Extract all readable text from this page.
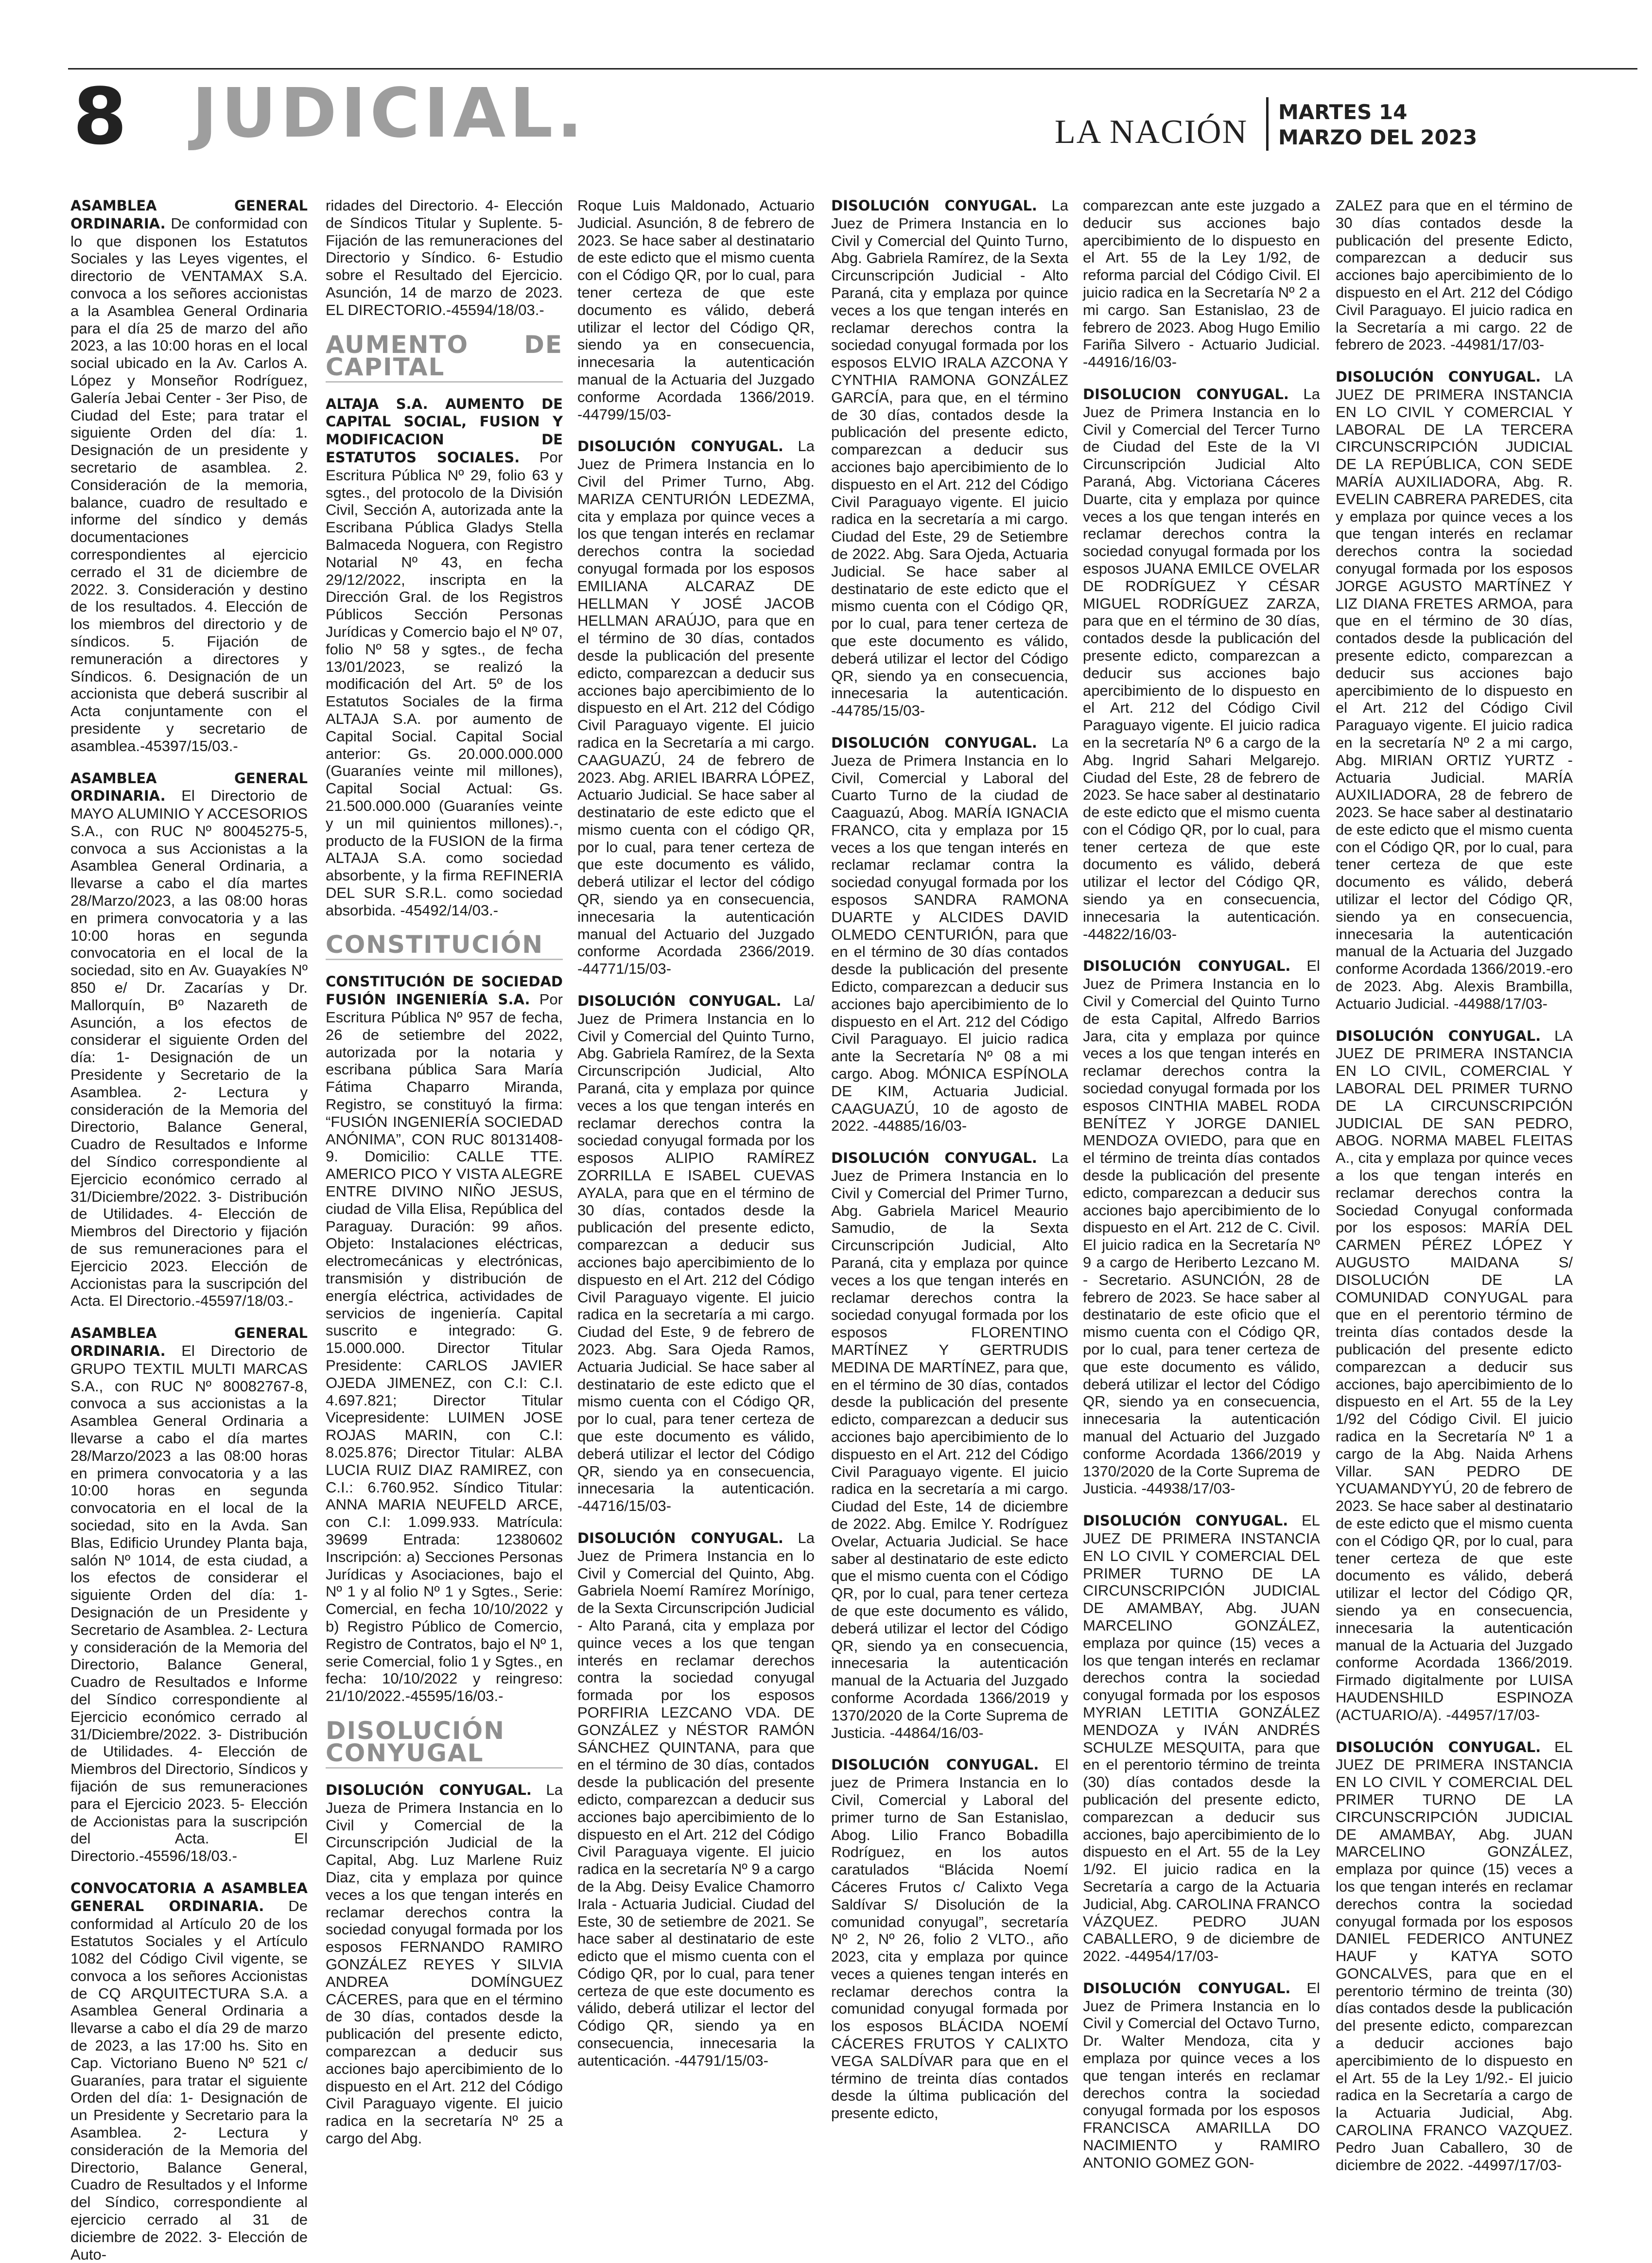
8 JUDICIAL.	LA NACIÓN
MARTES 14
MARZO DEL 2023

ASAMBLEA GENERAL ORDINARIA. De conformidad con lo que disponen los Estatutos Sociales y las Leyes vigentes, el directorio de VENTAMAX S.A. convoca a los señores accionistas a la Asamblea General Ordinaria para el día 25 de marzo del año 2023, a las 10:00 horas en el local social ubicado en la Av. Carlos A. López y Monseñor Rodríguez, Galería Jebai Center - 3er Piso, de Ciudad del Este; para tratar el siguiente Orden del día: 1. Designación de un presidente y secretario de asamblea. 2. Consideración de la memoria, balance, cuadro de resultado e informe del síndico y demás documentaciones correspondientes al ejercicio cerrado el 31 de diciembre de 2022. 3. Consideración y destino de los resultados. 4. Elección de los miembros del directorio y de síndicos. 5. Fijación de remuneración a directores y Síndicos. 6. Designación de un accionista que deberá suscribir al Acta conjuntamente con el presidente y secretario de asamblea.-45397/15/03.-

ASAMBLEA GENERAL ORDINARIA. El Directorio de MAYO ALUMINIO Y ACCESORIOS S.A., con RUC Nº 80045275-5, convoca a sus Accionistas a la Asamblea General Ordinaria, a llevarse a cabo el día martes 28/Marzo/2023, a las 08:00 horas en primera convocatoria y a las 10:00 horas en segunda convocatoria en el local de la sociedad, sito en Av. Guayakíes Nº 850 e/ Dr. Zacarías y Dr. Mallorquín, Bº Nazareth de Asunción, a los efectos de considerar el siguiente Orden del día: 1- Designación de un Presidente y Secretario de la Asamblea. 2- Lectura y consideración de la Memoria del Directorio, Balance General, Cuadro de Resultados e Informe del Síndico correspondiente al Ejercicio económico cerrado al 31/Diciembre/2022. 3- Distribución de Utilidades. 4- Elección de Miembros del Directorio y fijación de sus remuneraciones para el Ejercicio 2023. Elección de Accionistas para la suscripción del Acta. El Directorio.-45597/18/03.-

ASAMBLEA GENERAL ORDINARIA. El Directorio de GRUPO TEXTIL MULTI MARCAS S.A., con RUC Nº 80082767-8, convoca a sus accionistas a la Asamblea General Ordinaria a llevarse a cabo el día martes 28/Marzo/2023 a las 08:00 horas en primera convocatoria y a las 10:00 horas en segunda convocatoria en el local de la sociedad, sito en la Avda. San Blas, Edificio Urundey Planta baja, salón Nº 1014, de esta ciudad, a los efectos de considerar el siguiente Orden del día: 1- Designación de un Presidente y Secretario de Asamblea. 2- Lectura y consideración de la Memoria del Directorio, Balance General, Cuadro de Resultados e Informe del Síndico correspondiente al Ejercicio económico cerrado al 31/Diciembre/2022. 3- Distribución de Utilidades. 4- Elección de Miembros del Directorio, Síndicos y fijación de sus remuneraciones para el Ejercicio 2023. 5- Elección de Accionistas para la suscripción del Acta. El Directorio.-45596/18/03.-

CONVOCATORIA A ASAMBLEA GENERAL ORDINARIA. De conformidad al Artículo 20 de los Estatutos Sociales y el Artículo 1082 del Código Civil vigente, se convoca a los señores Accionistas de CQ ARQUITECTURA S.A. a Asamblea General Ordinaria a llevarse a cabo el día 29 de marzo de 2023, a las 17:00 hs. Sito en Cap. Victoriano Bueno Nº 521 c/ Guaraníes, para tratar el siguiente Orden del día: 1- Designación de un Presidente y Secretario para la Asamblea. 2- Lectura y consideración de la Memoria del Directorio, Balance General, Cuadro de Resultados y el Informe del Síndico, correspondiente al ejercicio cerrado al 31 de diciembre de 2022. 3- Elección de Auto-

ridades del Directorio. 4- Elección de Síndicos Titular y Suplente. 5- Fijación de las remuneraciones del Directorio y Síndico. 6- Estudio sobre el Resultado del Ejercicio. Asunción, 14 de marzo de 2023. EL DIRECTORIO.-45594/18/03.-

AUMENTO DE CAPITAL

ALTAJA S.A. AUMENTO DE CAPITAL SOCIAL, FUSION Y MODIFICACION DE ESTATUTOS SOCIALES. Por Escritura Pública Nº 29, folio 63 y sgtes., del protocolo de la División Civil, Sección A, autorizada ante la Escribana Pública Gladys Stella Balmaceda Noguera, con Registro Notarial Nº 43, en fecha 29/12/2022, inscripta en la Dirección Gral. de los Registros Públicos Sección Personas Jurídicas y Comercio bajo el Nº 07, folio Nº 58 y sgtes., de fecha 13/01/2023, se realizó la modificación del Art. 5º de los Estatutos Sociales de la firma ALTAJA S.A. por aumento de Capital Social. Capital Social anterior: Gs. 20.000.000.000 (Guaraníes veinte mil millones), Capital Social Actual: Gs. 21.500.000.000 (Guaraníes veinte y un mil quinientos millones).-, producto de la FUSION de la firma ALTAJA S.A. como sociedad absorbente, y la firma REFINERIA DEL SUR S.R.L. como sociedad absorbida. -45492/14/03.-

CONSTITUCIÓN

CONSTITUCIÓN DE SOCIEDAD FUSIÓN INGENIERÍA S.A. Por Escritura Pública Nº 957 de fecha, 26 de setiembre del 2022, autorizada por la notaria y escribana pública Sara María Fátima Chaparro Miranda, Registro, se constituyó la firma: “FUSIÓN INGENIERÍA SOCIEDAD ANÓNIMA”, CON RUC 80131408-9. Domicilio: CALLE TTE. AMERICO PICO Y VISTA ALEGRE ENTRE DIVINO NIÑO JESUS, ciudad de Villa Elisa, República del Paraguay. Duración: 99 años. Objeto: Instalaciones eléctricas, electromecánicas y electrónicas, transmisión y distribución de energía eléctrica, actividades de servicios de ingeniería. Capital suscrito e integrado: G. 15.000.000. Director Titular Presidente: CARLOS JAVIER OJEDA JIMENEZ, con C.I: C.I. 4.697.821; Director Titular Vicepresidente: LUIMEN JOSE ROJAS MARIN, con C.I: 8.025.876; Director Titular: ALBA LUCIA RUIZ DIAZ RAMIREZ, con C.I.: 6.760.952. Síndico Titular: ANNA MARIA NEUFELD ARCE, con C.I: 1.099.933. Matrícula: 39699 Entrada: 12380602 Inscripción: a) Secciones Personas Jurídicas y Asociaciones, bajo el Nº 1 y al folio Nº 1 y Sgtes., Serie: Comercial, en fecha 10/10/2022 y b) Registro Público de Comercio, Registro de Contratos, bajo el Nº 1, serie Comercial, folio 1 y Sgtes., en fecha: 10/10/2022 y reingreso: 21/10/2022.-45595/16/03.-

DISOLUCIÓN CONYUGAL

DISOLUCIÓN CONYUGAL. La Jueza de Primera Instancia en lo Civil y Comercial de la Circunscripción Judicial de la Capital, Abg. Luz Marlene Ruiz Diaz, cita y emplaza por quince veces a los que tengan interés en reclamar derechos contra la sociedad conyugal formada por los esposos FERNANDO RAMIRO GONZÁLEZ REYES Y SILVIA ANDREA DOMÍNGUEZ CÁCERES, para que en el término de 30 días, contados desde la publicación del presente edicto, comparezcan a deducir sus acciones bajo apercibimiento de lo dispuesto en el Art. 212 del Código Civil Paraguayo vigente. El juicio radica en la secretaría Nº 25 a cargo del Abg.

Roque Luis Maldonado, Actuario Judicial. Asunción, 8 de febrero de 2023. Se hace saber al destinatario de este edicto que el mismo cuenta con el Código QR, por lo cual, para tener certeza de que este documento es válido, deberá utilizar el lector del Código QR, siendo ya en consecuencia, innecesaria la autenticación manual de la Actuaria del Juzgado conforme Acordada 1366/2019. -44799/15/03-

DISOLUCIÓN CONYUGAL. La Juez de Primera Instancia en lo Civil del Primer Turno, Abg. MARIZA CENTURIÓN LEDEZMA, cita y emplaza por quince veces a los que tengan interés en reclamar derechos contra la sociedad conyugal formada por los esposos EMILIANA ALCARAZ DE HELLMAN Y JOSÉ JACOB HELLMAN ARAÚJO, para que en el término de 30 días, contados desde la publicación del presente edicto, comparezcan a deducir sus acciones bajo apercibimiento de lo dispuesto en el Art. 212 del Código Civil Paraguayo vigente. El juicio radica en la Secretaría a mi cargo. CAAGUAZÚ, 24 de febrero de 2023. Abg. ARIEL IBARRA LÓPEZ, Actuario Judicial. Se hace saber al destinatario de este edicto que el mismo cuenta con el código QR, por lo cual, para tener certeza de que este documento es válido, deberá utilizar el lector del código QR, siendo ya en consecuencia, innecesaria la autenticación manual del Actuario del Juzgado conforme Acordada 2366/2019. -44771/15/03-

DISOLUCIÓN CONYUGAL. La/ Juez de Primera Instancia en lo Civil y Comercial del Quinto Turno, Abg. Gabriela Ramírez, de la Sexta Circunscripción Judicial, Alto Paraná, cita y emplaza por quince veces a los que tengan interés en reclamar derechos contra la sociedad conyugal formada por los esposos ALIPIO RAMÍREZ ZORRILLA E ISABEL CUEVAS AYALA, para que en el término de 30 días, contados desde la publicación del presente edicto, comparezcan a deducir sus acciones bajo apercibimiento de lo dispuesto en el Art. 212 del Código Civil Paraguayo vigente. El juicio radica en la secretaría a mi cargo. Ciudad del Este, 9 de febrero de 2023. Abg. Sara Ojeda Ramos, Actuaria Judicial. Se hace saber al destinatario de este edicto que el mismo cuenta con el Código QR, por lo cual, para tener certeza de que este documento es válido, deberá utilizar el lector del Código QR, siendo ya en consecuencia, innecesaria la autenticación. -44716/15/03-

DISOLUCIÓN CONYUGAL. La Juez de Primera Instancia en lo Civil y Comercial del Quinto, Abg. Gabriela Noemí Ramírez Morínigo, de la Sexta Circunscripción Judicial - Alto Paraná, cita y emplaza por quince veces a los que tengan interés en reclamar derechos contra la sociedad conyugal formada por los esposos PORFIRIA LEZCANO VDA. DE GONZÁLEZ y NÉSTOR RAMÓN SÁNCHEZ QUINTANA, para que en el término de 30 días, contados desde la publicación del presente edicto, comparezcan a deducir sus acciones bajo apercibimiento de lo dispuesto en el Art. 212 del Código Civil Paraguaya vigente. El juicio radica en la secretaría Nº 9 a cargo de la Abg. Deisy Evalice Chamorro Irala - Actuaria Judicial. Ciudad del Este, 30 de setiembre de 2021. Se hace saber al destinatario de este edicto que el mismo cuenta con el Código QR, por lo cual, para tener certeza de que este documento es válido, deberá utilizar el lector del Código QR, siendo ya en consecuencia, innecesaria la autenticación. -44791/15/03-

DISOLUCIÓN CONYUGAL. La Juez de Primera Instancia en lo Civil y Comercial del Quinto Turno, Abg. Gabriela Ramírez, de la Sexta Circunscripción Judicial - Alto Paraná, cita y emplaza por quince veces a los que tengan interés en reclamar derechos contra la sociedad conyugal formada por los esposos ELVIO IRALA AZCONA Y CYNTHIA RAMONA GONZÁLEZ GARCÍA, para que, en el término de 30 días, contados desde la publicación del presente edicto, comparezcan a deducir sus acciones bajo apercibimiento de lo dispuesto en el Art. 212 del Código Civil Paraguayo vigente. El juicio radica en la secretaría a mi cargo. Ciudad del Este, 29 de Setiembre de 2022. Abg. Sara Ojeda, Actuaria Judicial. Se hace saber al destinatario de este edicto que el mismo cuenta con el Código QR, por lo cual, para tener certeza de que este documento es válido, deberá utilizar el lector del Código QR, siendo ya en consecuencia, innecesaria la autenticación. -44785/15/03-

DISOLUCIÓN CONYUGAL. La Jueza de Primera Instancia en lo Civil, Comercial y Laboral del Cuarto Turno de la ciudad de Caaguazú, Abog. MARÍA IGNACIA FRANCO, cita y emplaza por 15 veces a los que tengan interés en reclamar reclamar contra la sociedad conyugal formada por los esposos SANDRA RAMONA DUARTE y ALCIDES DAVID OLMEDO CENTURIÓN, para que en el término de 30 días contados desde la publicación del presente Edicto, comparezcan a deducir sus acciones bajo apercibimiento de lo dispuesto en el Art. 212 del Código Civil Paraguayo. El juicio radica ante la Secretaría Nº 08 a mi cargo. Abog. MÓNICA ESPÍNOLA DE KIM, Actuaria Judicial. CAAGUAZÚ, 10 de agosto de 2022. -44885/16/03-

DISOLUCIÓN CONYUGAL. La Juez de Primera Instancia en lo Civil y Comercial del Primer Turno, Abg. Gabriela Maricel Meaurio Samudio, de la Sexta Circunscripción Judicial, Alto Paraná, cita y emplaza por quince veces a los que tengan interés en reclamar derechos contra la sociedad conyugal formada por los esposos FLORENTINO MARTÍNEZ Y GERTRUDIS MEDINA DE MARTÍNEZ, para que, en el término de 30 días, contados desde la publicación del presente edicto, comparezcan a deducir sus acciones bajo apercibimiento de lo dispuesto en el Art. 212 del Código Civil Paraguayo vigente. El juicio radica en la secretaría a mi cargo. Ciudad del Este, 14 de diciembre de 2022. Abg. Emilce Y. Rodríguez Ovelar, Actuaria Judicial. Se hace saber al destinatario de este edicto que el mismo cuenta con el Código QR, por lo cual, para tener certeza de que este documento es válido, deberá utilizar el lector del Código QR, siendo ya en consecuencia, innecesaria la autenticación manual de la Actuaria del Juzgado conforme Acordada 1366/2019 y 1370/2020 de la Corte Suprema de Justicia. -44864/16/03-

DISOLUCIÓN CONYUGAL. El juez de Primera Instancia en lo Civil, Comercial y Laboral del primer turno de San Estanislao, Abog. Lilio Franco Bobadilla Rodríguez, en los autos caratulados “Blácida Noemí Cáceres Frutos c/ Calixto Vega Saldívar S/ Disolución de la comunidad conyugal”, secretaría Nº 2, Nº 26, folio 2 VLTO., año 2023, cita y emplaza por quince veces a quienes tengan interés en reclamar derechos contra la comunidad conyugal formada por los esposos BLÁCIDA NOEMÍ CÁCERES FRUTOS Y CALIXTO VEGA SALDÍVAR para que en el término de treinta días contados desde la última publicación del presente edicto,

comparezcan ante este juzgado a deducir sus acciones bajo apercibimiento de lo dispuesto en el Art. 55 de la Ley 1/92, de reforma parcial del Código Civil. El juicio radica en la Secretaría Nº 2 a mi cargo. San Estanislao, 23 de febrero de 2023. Abog Hugo Emilio Fariña Silvero - Actuario Judicial. -44916/16/03-

DISOLUCION CONYUGAL. La Juez de Primera Instancia en lo Civil y Comercial del Tercer Turno de Ciudad del Este de la VI Circunscripción Judicial Alto Paraná, Abg. Victoriana Cáceres Duarte, cita y emplaza por quince veces a los que tengan interés en reclamar derechos contra la sociedad conyugal formada por los esposos JUANA EMILCE OVELAR DE RODRÍGUEZ Y CÉSAR MIGUEL RODRÍGUEZ ZARZA, para que en el término de 30 días, contados desde la publicación del presente edicto, comparezcan a deducir sus acciones bajo apercibimiento de lo dispuesto en el Art. 212 del Código Civil Paraguayo vigente. El juicio radica en la secretaría Nº 6 a cargo de la Abg. Ingrid Sahari Melgarejo. Ciudad del Este, 28 de febrero de 2023. Se hace saber al destinatario de este edicto que el mismo cuenta con el Código QR, por lo cual, para tener certeza de que este documento es válido, deberá utilizar el lector del Código QR, siendo ya en consecuencia, innecesaria la autenticación. -44822/16/03-

DISOLUCIÓN CONYUGAL. El Juez de Primera Instancia en lo Civil y Comercial del Quinto Turno de esta Capital, Alfredo Barrios Jara, cita y emplaza por quince veces a los que tengan interés en reclamar derechos contra la sociedad conyugal formada por los esposos CINTHIA MABEL RODA BENÍTEZ Y JORGE DANIEL MENDOZA OVIEDO, para que en el término de treinta días contados desde la publicación del presente edicto, comparezcan a deducir sus acciones bajo apercibimiento de lo dispuesto en el Art. 212 de C. Civil. El juicio radica en la Secretaría Nº 9 a cargo de Heriberto Lezcano M. - Secretario. ASUNCIÓN, 28 de febrero de 2023. Se hace saber al destinatario de este oficio que el mismo cuenta con el Código QR, por lo cual, para tener certeza de que este documento es válido, deberá utilizar el lector del Código QR, siendo ya en consecuencia, innecesaria la autenticación manual del Actuario del Juzgado conforme Acordada 1366/2019 y 1370/2020 de la Corte Suprema de Justicia. -44938/17/03-

DISOLUCIÓN CONYUGAL. EL JUEZ DE PRIMERA INSTANCIA EN LO CIVIL Y COMERCIAL DEL PRIMER TURNO DE LA CIRCUNSCRIPCIÓN JUDICIAL DE AMAMBAY, Abg. JUAN MARCELINO GONZÁLEZ, emplaza por quince (15) veces a los que tengan interés en reclamar derechos contra la sociedad conyugal formada por los esposos MYRIAN LETITIA GONZÁLEZ MENDOZA y IVÁN ANDRÉS SCHULZE MESQUITA, para que en el perentorio término de treinta (30) días contados desde la publicación del presente edicto, comparezcan a deducir sus acciones, bajo apercibimiento de lo dispuesto en el Art. 55 de la Ley 1/92. El juicio radica en la Secretaría a cargo de la Actuaria Judicial, Abg. CAROLINA FRANCO VÁZQUEZ. PEDRO JUAN CABALLERO, 9 de diciembre de 2022. -44954/17/03-

DISOLUCIÓN CONYUGAL. El Juez de Primera Instancia en lo Civil y Comercial del Octavo Turno, Dr. Walter Mendoza, cita y emplaza por quince veces a los que tengan interés en reclamar derechos contra la sociedad conyugal formada por los esposos FRANCISCA AMARILLA DO NACIMIENTO y RAMIRO ANTONIO GOMEZ GON-

ZALEZ para que en el término de 30 días contados desde la publicación del presente Edicto, comparezcan a deducir sus acciones bajo apercibimiento de lo dispuesto en el Art. 212 del Código Civil Paraguayo. El juicio radica en la Secretaría a mi cargo. 22 de febrero de 2023. -44981/17/03-

DISOLUCIÓN CONYUGAL. LA JUEZ DE PRIMERA INSTANCIA EN LO CIVIL Y COMERCIAL Y LABORAL DE LA TERCERA CIRCUNSCRIPCIÓN JUDICIAL DE LA REPÚBLICA, CON SEDE MARÍA AUXILIADORA, Abg. R. EVELIN CABRERA PAREDES, cita y emplaza por quince veces a los que tengan interés en reclamar derechos contra la sociedad conyugal formada por los esposos JORGE AGUSTO MARTÍNEZ Y LIZ DIANA FRETES ARMOA, para que en el término de 30 días, contados desde la publicación del presente edicto, comparezcan a deducir sus acciones bajo apercibimiento de lo dispuesto en el Art. 212 del Código Civil Paraguayo vigente. El juicio radica en la secretaría Nº 2 a mi cargo, Abg. MIRIAN ORTIZ YURTZ - Actuaria Judicial. MARÍA AUXILIADORA, 28 de febrero de 2023. Se hace saber al destinatario de este edicto que el mismo cuenta con el Código QR, por lo cual, para tener certeza de que este documento es válido, deberá utilizar el lector del Código QR, siendo ya en consecuencia, innecesaria la autenticación manual de la Actuaria del Juzgado conforme Acordada 1366/2019.-ero de 2023. Abg. Alexis Brambilla, Actuario Judicial. -44988/17/03-

DISOLUCIÓN CONYUGAL. LA JUEZ DE PRIMERA INSTANCIA EN LO CIVIL, COMERCIAL Y LABORAL DEL PRIMER TURNO DE LA CIRCUNSCRIPCIÓN JUDICIAL DE SAN PEDRO, ABOG. NORMA MABEL FLEITAS A., cita y emplaza por quince veces a los que tengan interés en reclamar derechos contra la Sociedad Conyugal conformada por los esposos: MARÍA DEL CARMEN PÉREZ LÓPEZ Y AUGUSTO MAIDANA S/ DISOLUCIÓN DE LA COMUNIDAD CONYUGAL para que en el perentorio término de treinta días contados desde la publicación del presente edicto comparezcan a deducir sus acciones, bajo apercibimiento de lo dispuesto en el Art. 55 de la Ley 1/92 del Código Civil. El juicio radica en la Secretaría Nº 1 a cargo de la Abg. Naida Arhens Villar. SAN PEDRO DE YCUAMANDYYÚ, 20 de febrero de 2023. Se hace saber al destinatario de este edicto que el mismo cuenta con el Código QR, por lo cual, para tener certeza de que este documento es válido, deberá utilizar el lector del Código QR, siendo ya en consecuencia, innecesaria la autenticación manual de la Actuaria del Juzgado conforme Acordada 1366/2019. Firmado digitalmente por LUISA HAUDENSHILD ESPINOZA (ACTUARIO/A). -44957/17/03-

DISOLUCIÓN CONYUGAL. EL JUEZ DE PRIMERA INSTANCIA EN LO CIVIL Y COMERCIAL DEL PRIMER TURNO DE LA CIRCUNSCRIPCIÓN JUDICIAL DE AMAMBAY, Abg. JUAN MARCELINO GONZÁLEZ, emplaza por quince (15) veces a los que tengan interés en reclamar derechos contra la sociedad conyugal formada por los esposos DANIEL FEDERICO ANTUNEZ HAUF y KATYA SOTO GONCALVES, para que en el perentorio término de treinta (30) días contados desde la publicación del presente edicto, comparezcan a deducir acciones bajo apercibimiento de lo dispuesto en el Art. 55 de la Ley 1/92.- El juicio radica en la Secretaría a cargo de la Actuaria Judicial, Abg. CAROLINA FRANCO VAZQUEZ. Pedro Juan Caballero, 30 de diciembre de 2022. -44997/17/03-
